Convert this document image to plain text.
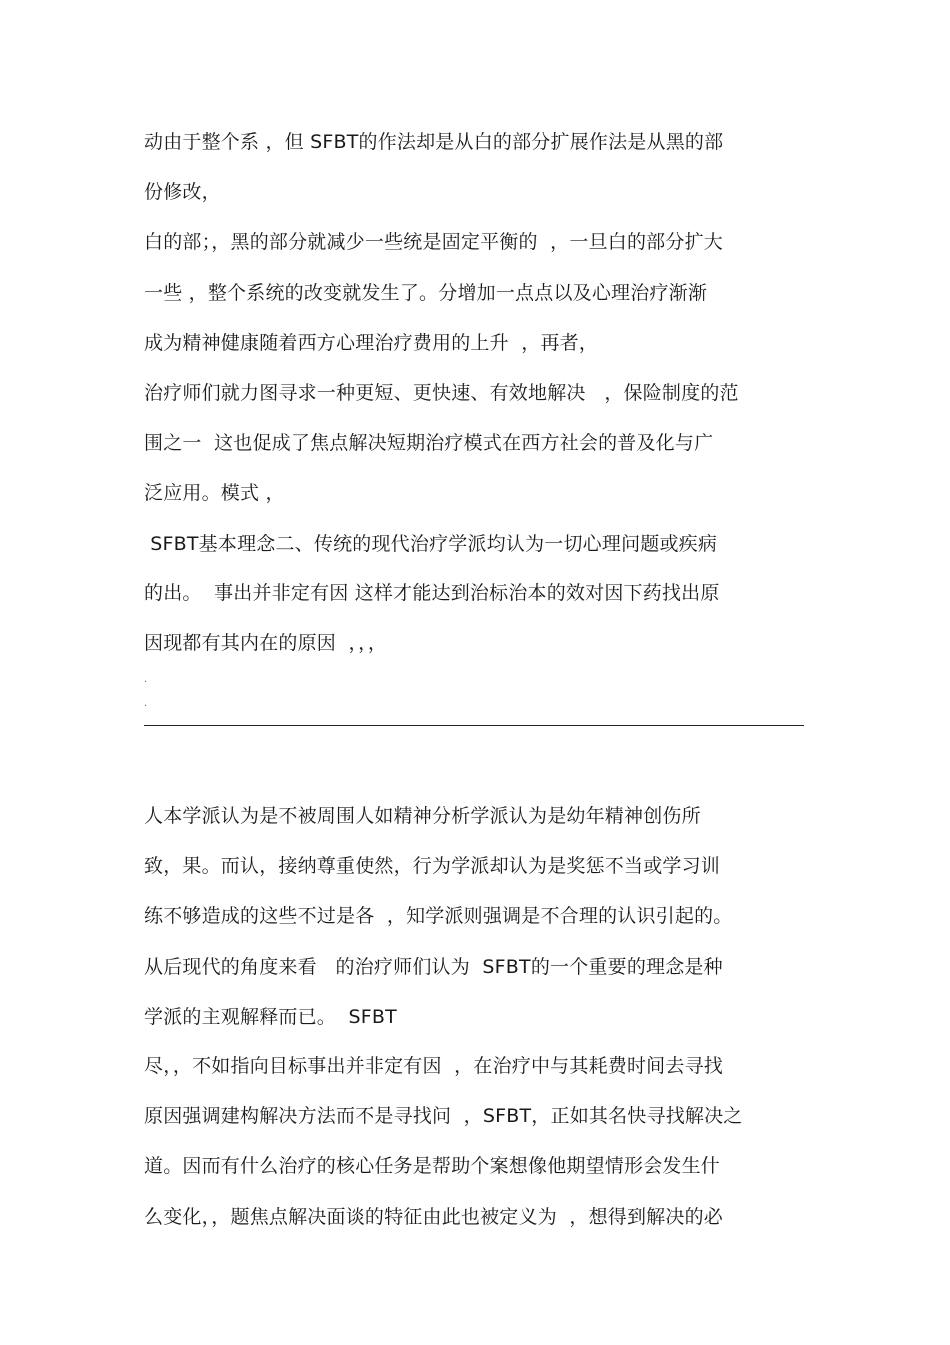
动由于整个系 ，但 SFBT的作法却是从白的部分扩展作法是从黑的部
份修改，
白的部；，黑的部分就减少一些统是固定平衡的  ，一旦白的部分扩大
一些 ，整个系统的改变就发生了。分增加一点点以及心理治疗渐渐
成为精神健康随着西方心理治疗费用的上升  ，再者，
治疗师们就力图寻求一种更短、更快速、有效地解决   ，保险制度的范
围之一  这也促成了焦点解决短期治疗模式在西方社会的普及化与广
泛应用。模式 ，
SFBT基本理念二、传统的现代治疗学派均认为一切心理问题或疾病
的出。  事出并非定有因 这样才能达到治标治本的效对因下药找出原
因现都有其内在的原因  ，，，
.
.
人本学派认为是不被周围人如精神分析学派认为是幼年精神创伤所
致，果。而认，接纳尊重使然，行为学派却认为是奖惩不当或学习训
练不够造成的这些不过是各  ，知学派则强调是不合理的认识引起的。
从后现代的角度来看   的治疗师们认为  SFBT的一个重要的理念是种
学派的主观解释而已。  SFBT
尽，，不如指向目标事出并非定有因  ，在治疗中与其耗费时间去寻找
原因强调建构解决方法而不是寻找问  ，SFBT，正如其名快寻找解决之
道。因而有什么治疗的核心任务是帮助个案想像他期望情形会发生什
么变化，，题焦点解决面谈的特征由此也被定义为  ，想得到解决的必
